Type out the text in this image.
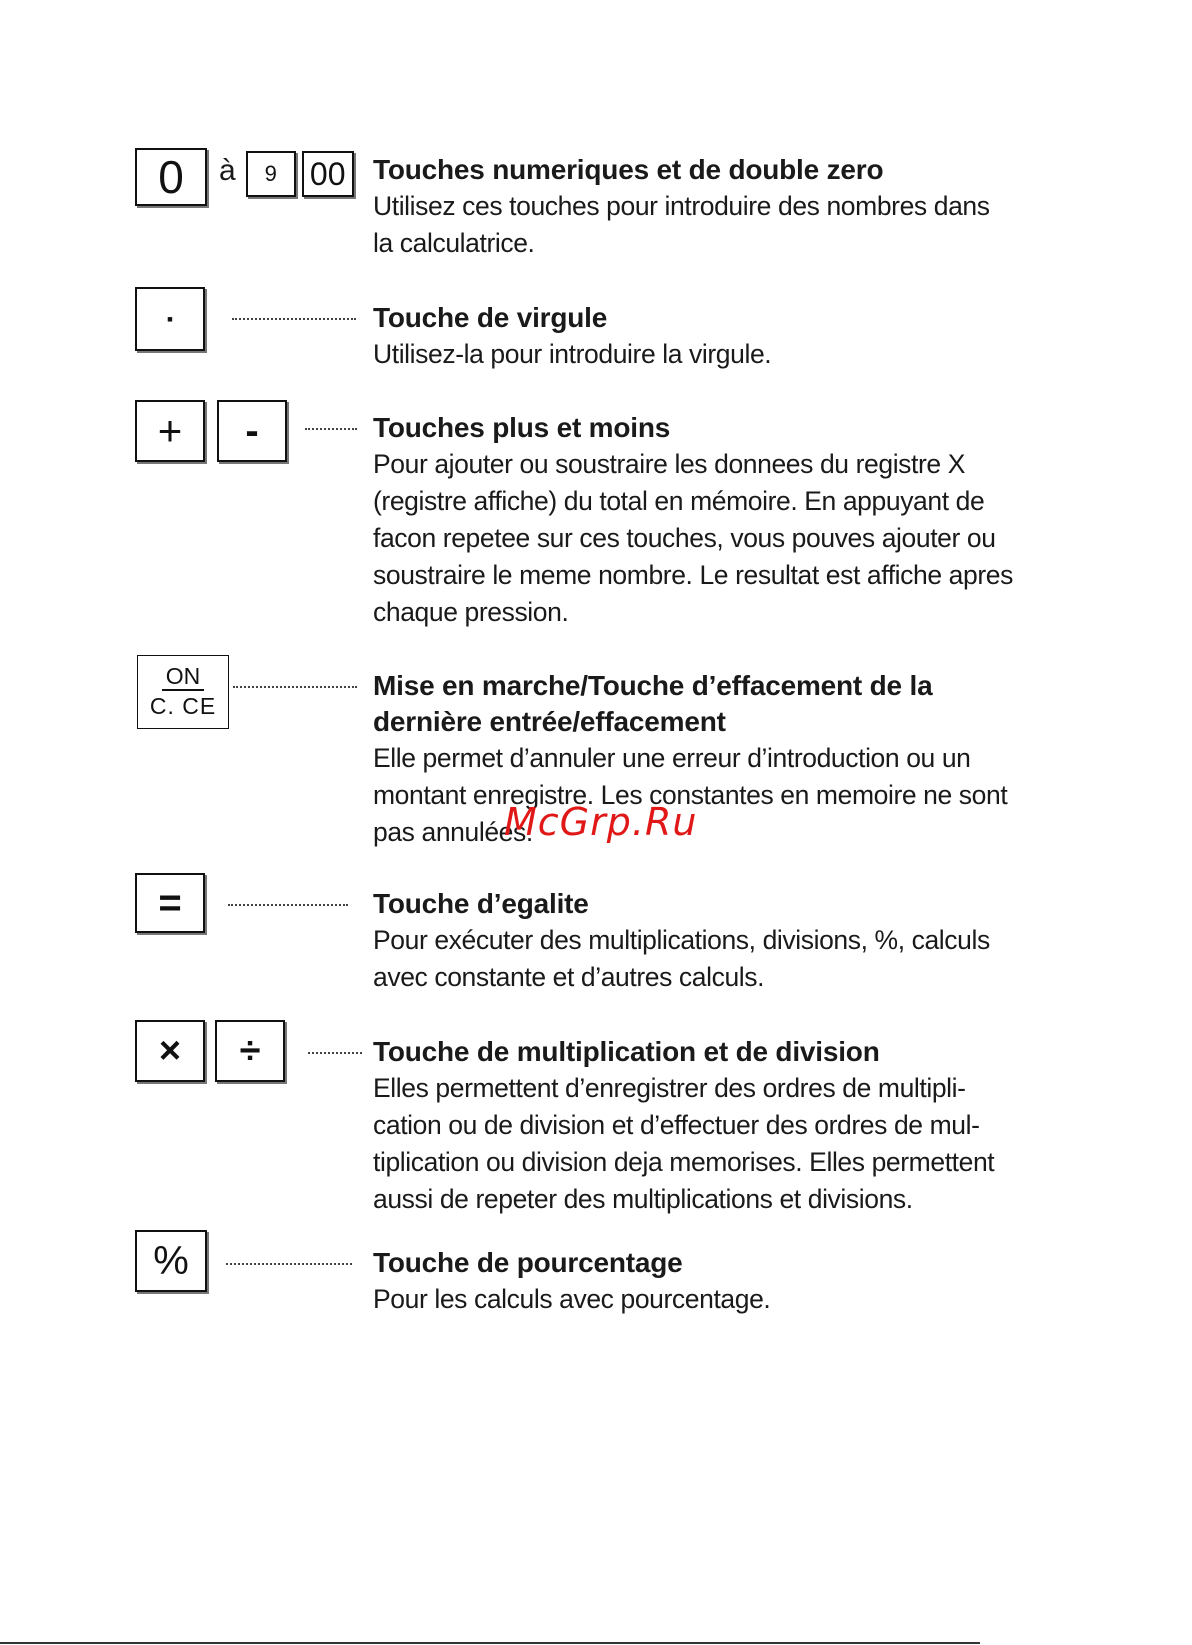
0	à	9	00 Touches numeriques et de double zero

Utilisez ces touches pour introduire des nombres dans

la calculatrice.

▪	Touche de virgule

Utilisez-la pour introduire la virgule.

+	-	Touches plus et moins

Pour ajouter ou soustraire les donnees du registre X

(registre affiche) du total en mémoire. En appuyant de

facon repetee sur ces touches, vous pouves ajouter ou

soustraire le meme nombre. Le resultat est affiche apres

chaque pression.

ON
C. CE

Mise en marche/Touche d’effacement de la

dernière entrée/effacement

Elle permet d’annuler une erreur d’introduction ou un

montant enregistre. Les constantes en memoire ne sont

pas annulées.

=	Touche d’egalite

Pour exécuter des multiplications, divisions, %, calculs

avec constante et d’autres calculs.

×	÷	Touche de multiplication et de division

Elles permettent d’enregistrer des ordres de multipli-

cation ou de division et d’effectuer des ordres de mul-

tiplication ou division deja memorises. Elles permettent

aussi de repeter des multiplications et divisions.

%	Touche de pourcentage

Pour les calculs avec pourcentage.

McGrp.Ru
